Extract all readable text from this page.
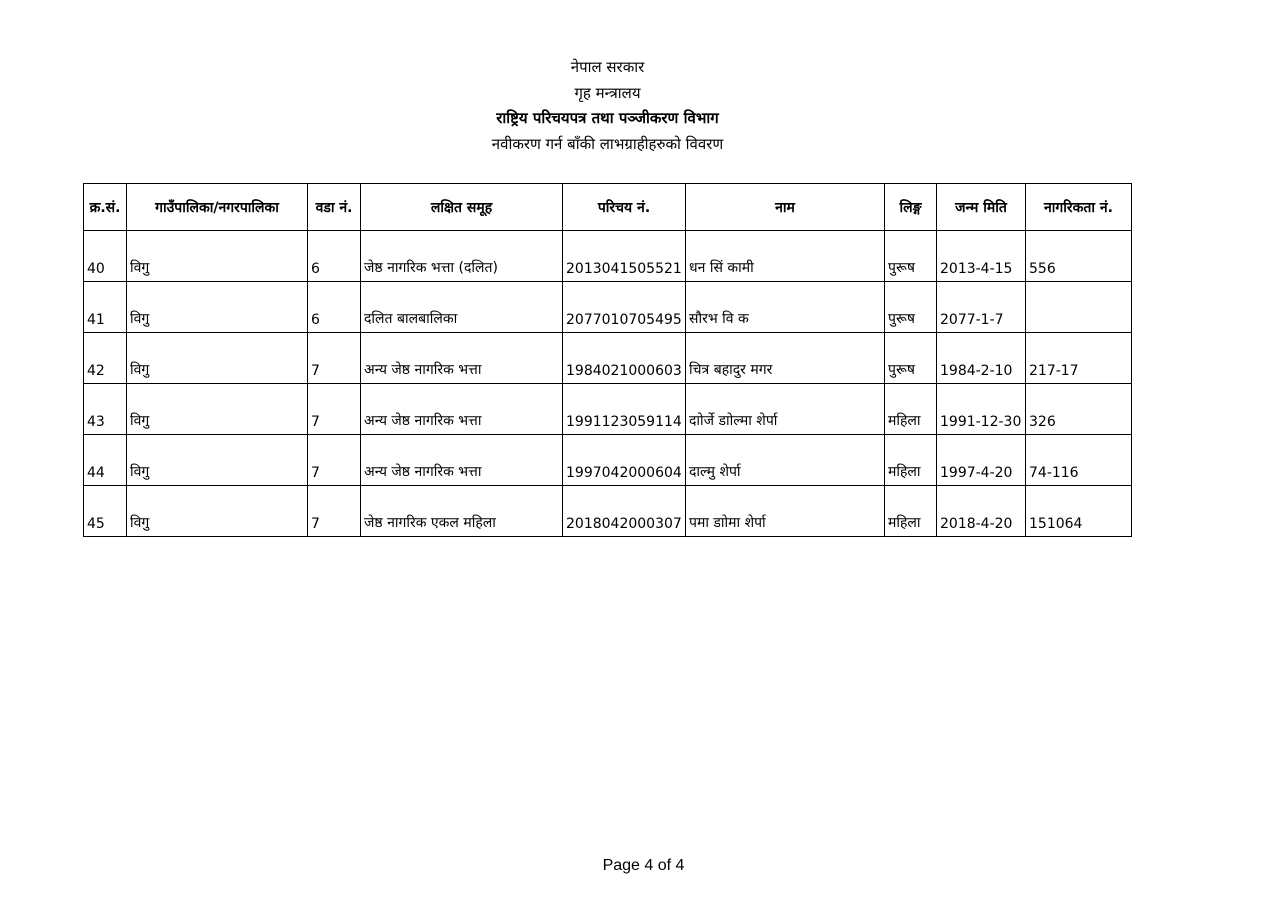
नेपाल सरकार
गृह मन्त्रालय
राष्ट्रिय परिचयपत्र तथा पञ्जीकरण विभाग
नवीकरण गर्न बाँकी लाभग्राहीहरुको विवरण
क्र.सं.	गाउँपालिका/नगरपालिका	वडा नं.	लक्षित समूह	परिचय नं.	नाम	लिङ्ग	जन्म मिति	नागरिकता नं.
40	विगु	6	जेष्ठ नागरिक भत्ता (दलित)	2013041505521	धन सिं कामी	पुरूष	2013-4-15	556
41	विगु	6	दलित बालबालिका	2077010705495	सौरभ वि क	पुरूष	2077-1-7	
42	विगु	7	अन्य जेष्ठ नागरिक भत्ता	1984021000603	चित्र बहादुर मगर	पुरूष	1984-2-10	217-17
43	विगु	7	अन्य जेष्ठ नागरिक भत्ता	1991123059114	दाोर्जे डाोल्मा शेर्पा	महिला	1991-12-30	326
44	विगु	7	अन्य जेष्ठ नागरिक भत्ता	1997042000604	दाल्मु शेर्पा	महिला	1997-4-20	74-116
45	विगु	7	जेष्ठ नागरिक एकल महिला	2018042000307	पमा डाोमा शेर्पा	महिला	2018-4-20	151064
Page 4 of 4
